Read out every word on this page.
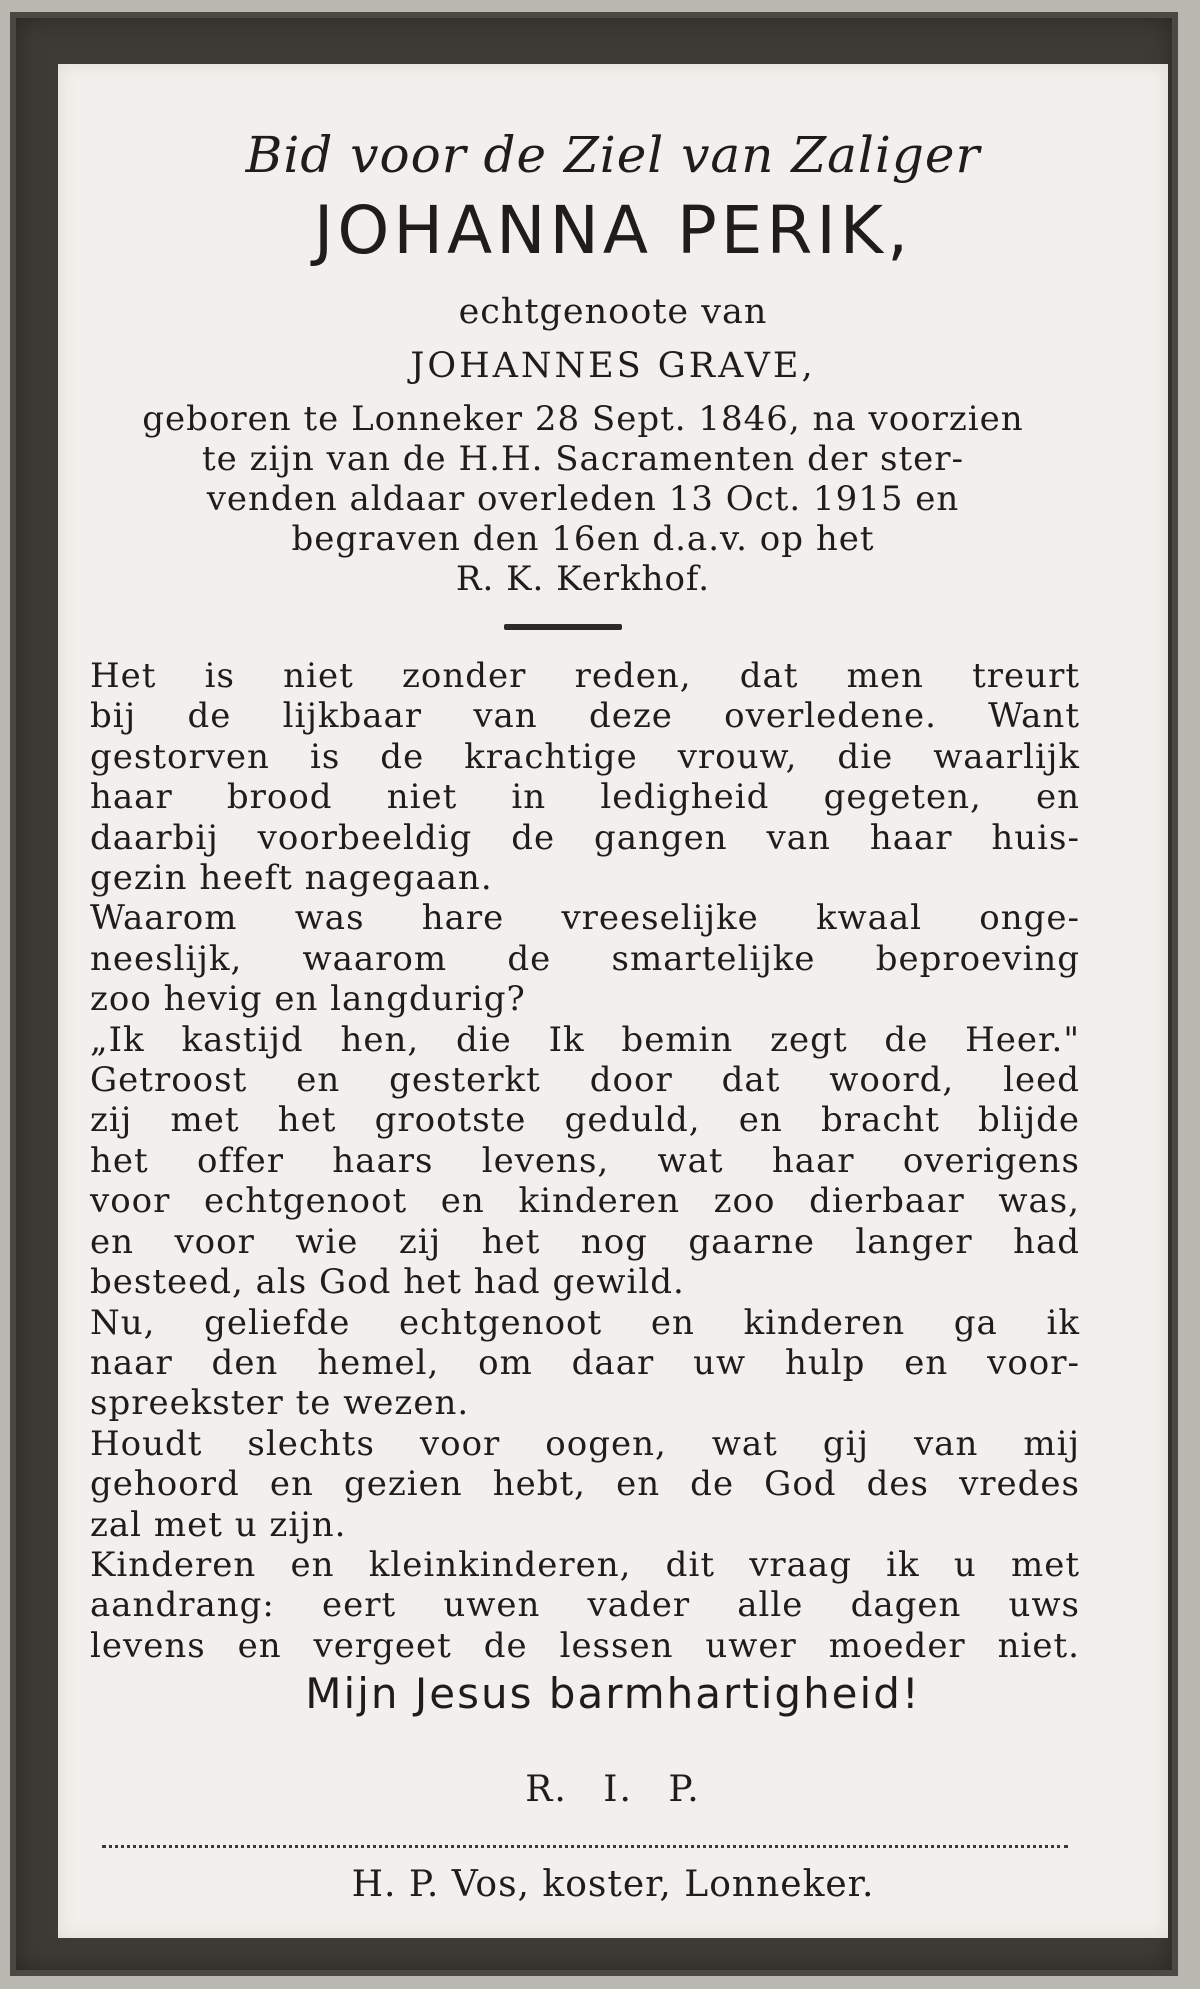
Bid voor de Ziel van Zaliger
JOHANNA PERIK,
echtgenoote van
JOHANNES GRAVE,
geboren te Lonneker 28 Sept. 1846, na voorzien
te zijn van de H.H. Sacramenten der ster-
venden aldaar overleden 13 Oct. 1915 en
begraven den 16en d.a.v. op het
R. K. Kerkhof.
Het is niet zonder reden, dat men treurt
bij de lijkbaar van deze overledene. Want
gestorven is de krachtige vrouw, die waarlijk
haar brood niet in ledigheid gegeten, en
daarbij voorbeeldig de gangen van haar huis-
gezin heeft nagegaan.
Waarom was hare vreeselijke kwaal onge-
neeslijk, waarom de smartelijke beproeving
zoo hevig en langdurig?
„Ik kastijd hen, die Ik bemin zegt de Heer."
Getroost en gesterkt door dat woord, leed
zij met het grootste geduld, en bracht blijde
het offer haars levens, wat haar overigens
voor echtgenoot en kinderen zoo dierbaar was,
en voor wie zij het nog gaarne langer had
besteed, als God het had gewild.
Nu, geliefde echtgenoot en kinderen ga ik
naar den hemel, om daar uw hulp en voor-
spreekster te wezen.
Houdt slechts voor oogen, wat gij van mij
gehoord en gezien hebt, en de God des vredes
zal met u zijn.
Kinderen en kleinkinderen, dit vraag ik u met
aandrang: eert uwen vader alle dagen uws
levens en vergeet de lessen uwer moeder niet.
Mijn Jesus barmhartigheid!
R. I. P.
H. P. Vos, koster, Lonneker.
